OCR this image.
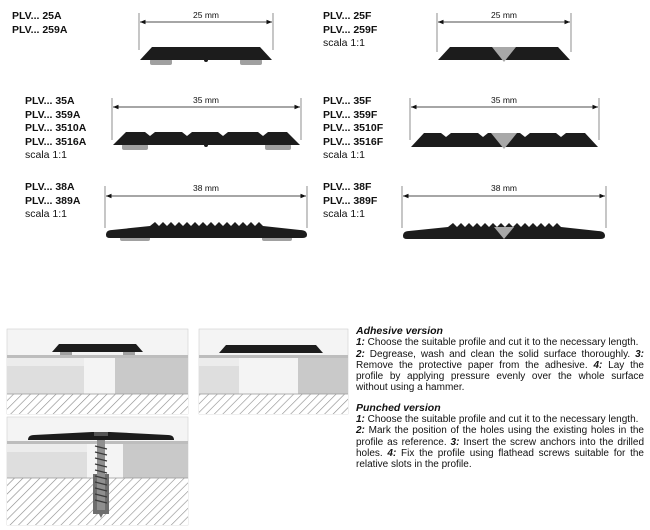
PLV... 25A
PLV... 259A
PLV... 25F
PLV... 259F
scala 1:1
PLV... 35A
PLV... 359A
PLV... 3510A
PLV... 3516A
scala 1:1
PLV... 35F
PLV... 359F
PLV... 3510F
PLV... 3516F
scala 1:1
PLV... 38A
PLV... 389A
scala 1:1
PLV... 38F
PLV... 389F
scala 1:1
25 mm	25 mm
35 mm	35 mm
38 mm	38 mm
Adhesive version

1: Choose the suitable profile and cut it to the necessary length.
2: Degrease, wash and clean the solid surface thoroughly. 3: Remove the protective paper from the adhesive. 4: Lay the profile by applying pressure evenly over the whole surface without using a hammer.

Punched version

1: Choose the suitable profile and cut it to the necessary length.
2: Mark the position of the holes using the existing holes in the profile as reference. 3: Insert the screw anchors into the drilled holes. 4: Fix the profile using flathead screws suitable for the relative slots in the profile.
